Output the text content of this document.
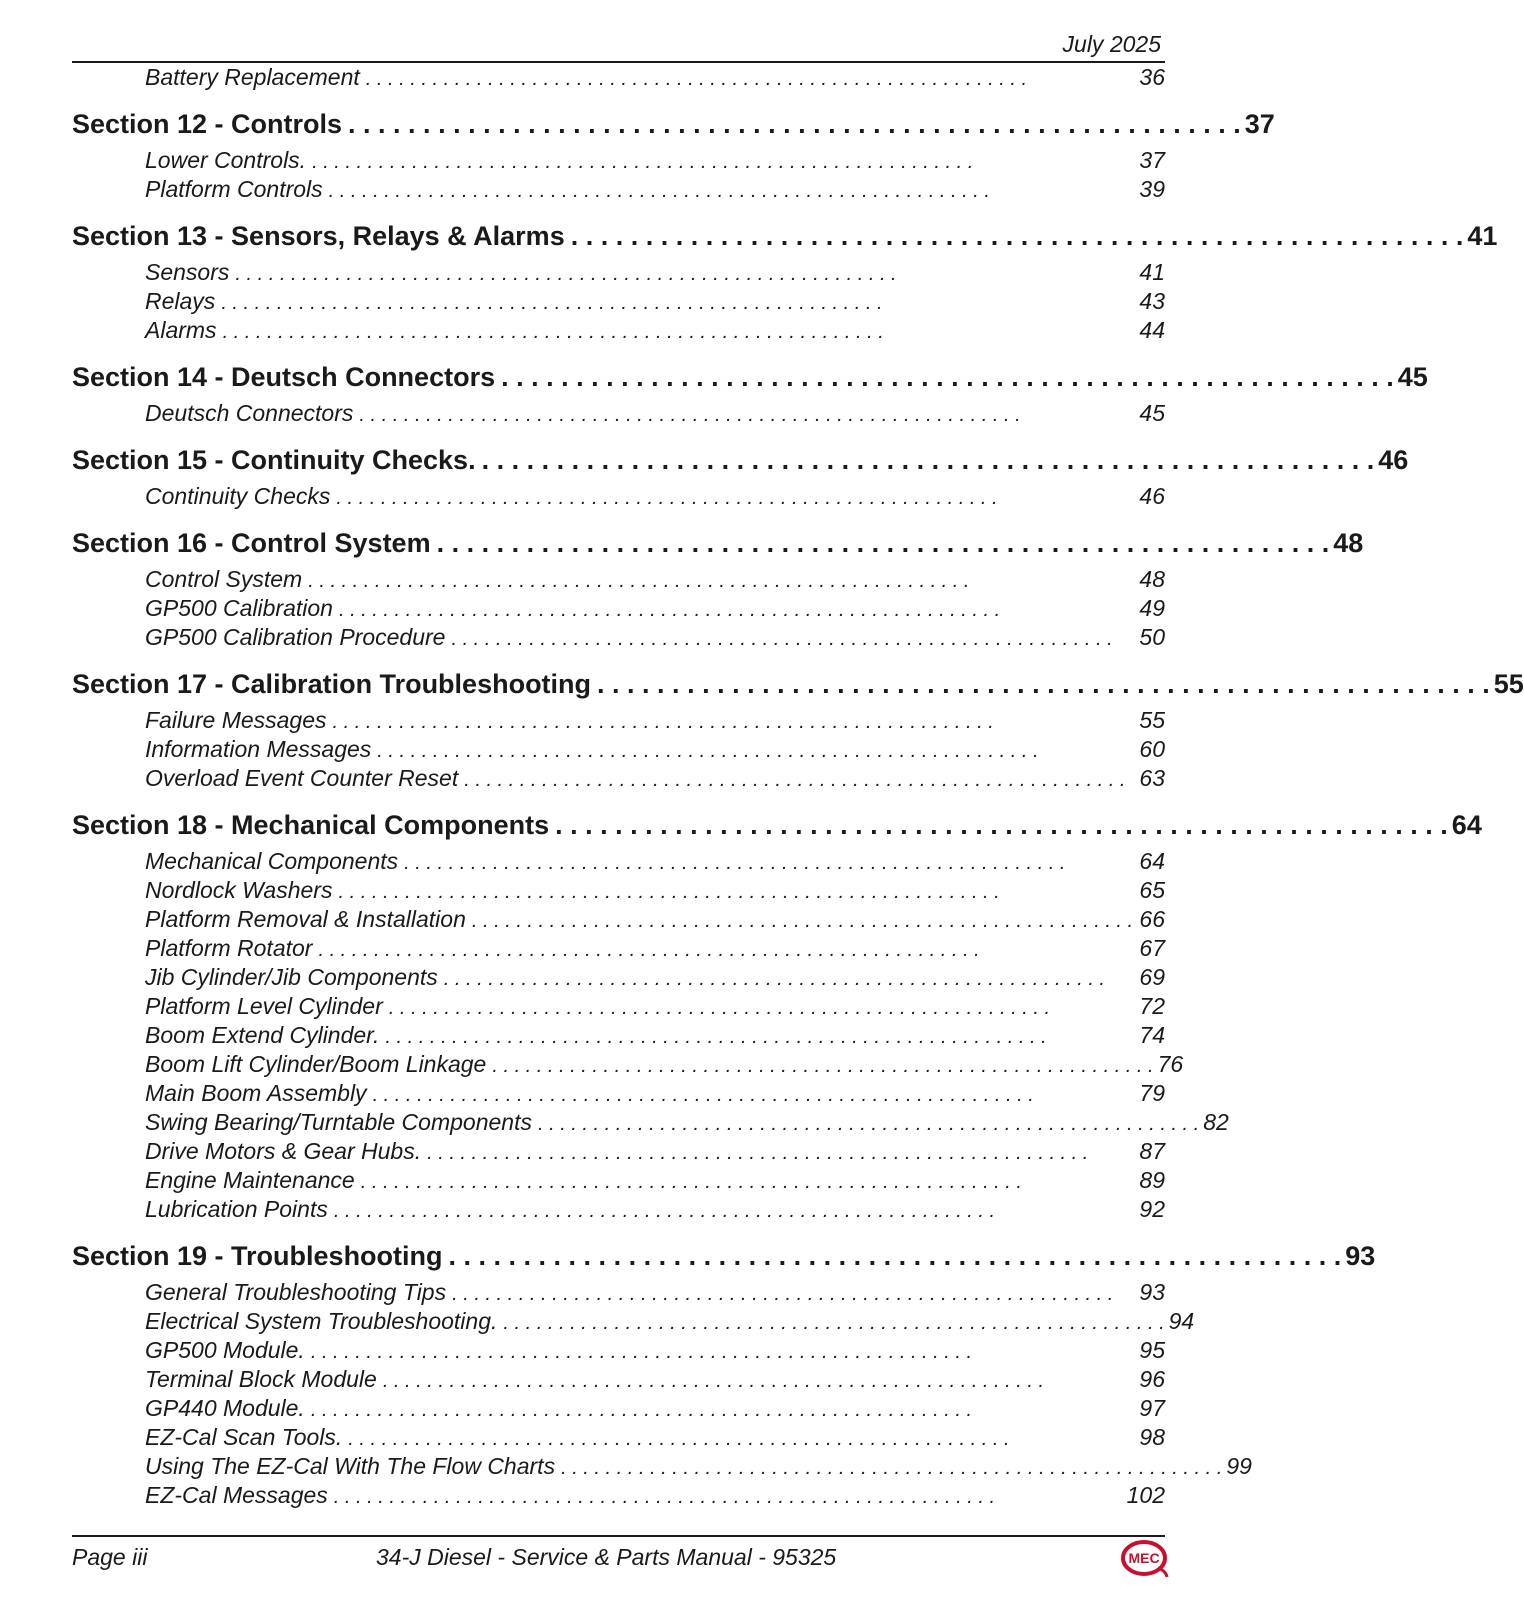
July 2025
Battery Replacement . . . . . . . . . . . . . . . . . . . . . . . . . . . . . . . . . . . . . . . . . . . . . . . . . . . . . . . . . . . .	36
Section 12 - Controls . . . . . . . . . . . . . . . . . . . . . . . . . . . . . . . . . . . . . . . . . . . . . . . . . . . . . . . . . . . . 37
Lower Controls. . . . . . . . . . . . . . . . . . . . . . . . . . . . . . . . . . . . . . . . . . . . . . . . . . . . . . . . . . . . .	37
Platform Controls . . . . . . . . . . . . . . . . . . . . . . . . . . . . . . . . . . . . . . . . . . . . . . . . . . . . . . . . . . . .	39
Section 13 - Sensors, Relays & Alarms . . . . . . . . . . . . . . . . . . . . . . . . . . . . . . . . . . . . . . . . . . . . . . . . . . . . . . . . . . . . 41
Sensors . . . . . . . . . . . . . . . . . . . . . . . . . . . . . . . . . . . . . . . . . . . . . . . . . . . . . . . . . . . .	41
Relays . . . . . . . . . . . . . . . . . . . . . . . . . . . . . . . . . . . . . . . . . . . . . . . . . . . . . . . . . . . .	43
Alarms . . . . . . . . . . . . . . . . . . . . . . . . . . . . . . . . . . . . . . . . . . . . . . . . . . . . . . . . . . . .	44
Section 14 - Deutsch Connectors . . . . . . . . . . . . . . . . . . . . . . . . . . . . . . . . . . . . . . . . . . . . . . . . . . . . . . . . . . . . 45
Deutsch Connectors . . . . . . . . . . . . . . . . . . . . . . . . . . . . . . . . . . . . . . . . . . . . . . . . . . . . . . . . . . . .	45
Section 15 - Continuity Checks. . . . . . . . . . . . . . . . . . . . . . . . . . . . . . . . . . . . . . . . . . . . . . . . . . . . . . . . . . . . . 46
Continuity Checks . . . . . . . . . . . . . . . . . . . . . . . . . . . . . . . . . . . . . . . . . . . . . . . . . . . . . . . . . . . .	46
Section 16 - Control System . . . . . . . . . . . . . . . . . . . . . . . . . . . . . . . . . . . . . . . . . . . . . . . . . . . . . . . . . . . . 48
Control System . . . . . . . . . . . . . . . . . . . . . . . . . . . . . . . . . . . . . . . . . . . . . . . . . . . . . . . . . . . .	48
GP500 Calibration . . . . . . . . . . . . . . . . . . . . . . . . . . . . . . . . . . . . . . . . . . . . . . . . . . . . . . . . . . . .	49
GP500 Calibration Procedure . . . . . . . . . . . . . . . . . . . . . . . . . . . . . . . . . . . . . . . . . . . . . . . . . . . . . . . . . . . .	50
Section 17 - Calibration Troubleshooting . . . . . . . . . . . . . . . . . . . . . . . . . . . . . . . . . . . . . . . . . . . . . . . . . . . . . . . . . . . . 55
Failure Messages . . . . . . . . . . . . . . . . . . . . . . . . . . . . . . . . . . . . . . . . . . . . . . . . . . . . . . . . . . . .	55
Information Messages . . . . . . . . . . . . . . . . . . . . . . . . . . . . . . . . . . . . . . . . . . . . . . . . . . . . . . . . . . . .	60
Overload Event Counter Reset . . . . . . . . . . . . . . . . . . . . . . . . . . . . . . . . . . . . . . . . . . . . . . . . . . . . . . . . . . . . 63
Section 18 - Mechanical Components . . . . . . . . . . . . . . . . . . . . . . . . . . . . . . . . . . . . . . . . . . . . . . . . . . . . . . . . . . . . 64
Mechanical Components . . . . . . . . . . . . . . . . . . . . . . . . . . . . . . . . . . . . . . . . . . . . . . . . . . . . . . . . . . . .	64
Nordlock Washers . . . . . . . . . . . . . . . . . . . . . . . . . . . . . . . . . . . . . . . . . . . . . . . . . . . . . . . . . . . .	65
Platform Removal & Installation . . . . . . . . . . . . . . . . . . . . . . . . . . . . . . . . . . . . . . . . . . . . . . . . . . . . . . . . . . . . 66
Platform Rotator . . . . . . . . . . . . . . . . . . . . . . . . . . . . . . . . . . . . . . . . . . . . . . . . . . . . . . . . . . . .	67
Jib Cylinder/Jib Components . . . . . . . . . . . . . . . . . . . . . . . . . . . . . . . . . . . . . . . . . . . . . . . . . . . . . . . . . . . .	69
Platform Level Cylinder . . . . . . . . . . . . . . . . . . . . . . . . . . . . . . . . . . . . . . . . . . . . . . . . . . . . . . . . . . . .	72
Boom Extend Cylinder. . . . . . . . . . . . . . . . . . . . . . . . . . . . . . . . . . . . . . . . . . . . . . . . . . . . . . . . . . . . .	74
Boom Lift Cylinder/Boom Linkage . . . . . . . . . . . . . . . . . . . . . . . . . . . . . . . . . . . . . . . . . . . . . . . . . . . . . . . . . . . . 76
Main Boom Assembly . . . . . . . . . . . . . . . . . . . . . . . . . . . . . . . . . . . . . . . . . . . . . . . . . . . . . . . . . . . .	79
Swing Bearing/Turntable Components . . . . . . . . . . . . . . . . . . . . . . . . . . . . . . . . . . . . . . . . . . . . . . . . . . . . . . . . . . . . 82
Drive Motors & Gear Hubs. . . . . . . . . . . . . . . . . . . . . . . . . . . . . . . . . . . . . . . . . . . . . . . . . . . . . . . . . . . . .	87
Engine Maintenance . . . . . . . . . . . . . . . . . . . . . . . . . . . . . . . . . . . . . . . . . . . . . . . . . . . . . . . . . . . .	89
Lubrication Points . . . . . . . . . . . . . . . . . . . . . . . . . . . . . . . . . . . . . . . . . . . . . . . . . . . . . . . . . . . .	92
Section 19 - Troubleshooting . . . . . . . . . . . . . . . . . . . . . . . . . . . . . . . . . . . . . . . . . . . . . . . . . . . . . . . . . . . . 93
General Troubleshooting Tips . . . . . . . . . . . . . . . . . . . . . . . . . . . . . . . . . . . . . . . . . . . . . . . . . . . . . . . . . . . .	93
Electrical System Troubleshooting. . . . . . . . . . . . . . . . . . . . . . . . . . . . . . . . . . . . . . . . . . . . . . . . . . . . . . . . . . . . . 94
GP500 Module. . . . . . . . . . . . . . . . . . . . . . . . . . . . . . . . . . . . . . . . . . . . . . . . . . . . . . . . . . . . .	95
Terminal Block Module . . . . . . . . . . . . . . . . . . . . . . . . . . . . . . . . . . . . . . . . . . . . . . . . . . . . . . . . . . . .	96
GP440 Module. . . . . . . . . . . . . . . . . . . . . . . . . . . . . . . . . . . . . . . . . . . . . . . . . . . . . . . . . . . . .	97
EZ-Cal Scan Tools. . . . . . . . . . . . . . . . . . . . . . . . . . . . . . . . . . . . . . . . . . . . . . . . . . . . . . . . . . . . .	98
Using The EZ-Cal With The Flow Charts . . . . . . . . . . . . . . . . . . . . . . . . . . . . . . . . . . . . . . . . . . . . . . . . . . . . . . . . . . . . 99
EZ-Cal Messages . . . . . . . . . . . . . . . . . . . . . . . . . . . . . . . . . . . . . . . . . . . . . . . . . . . . . . . . . . . .	102
Page iii	34-J Diesel - Service & Parts Manual - 95325	MEC
